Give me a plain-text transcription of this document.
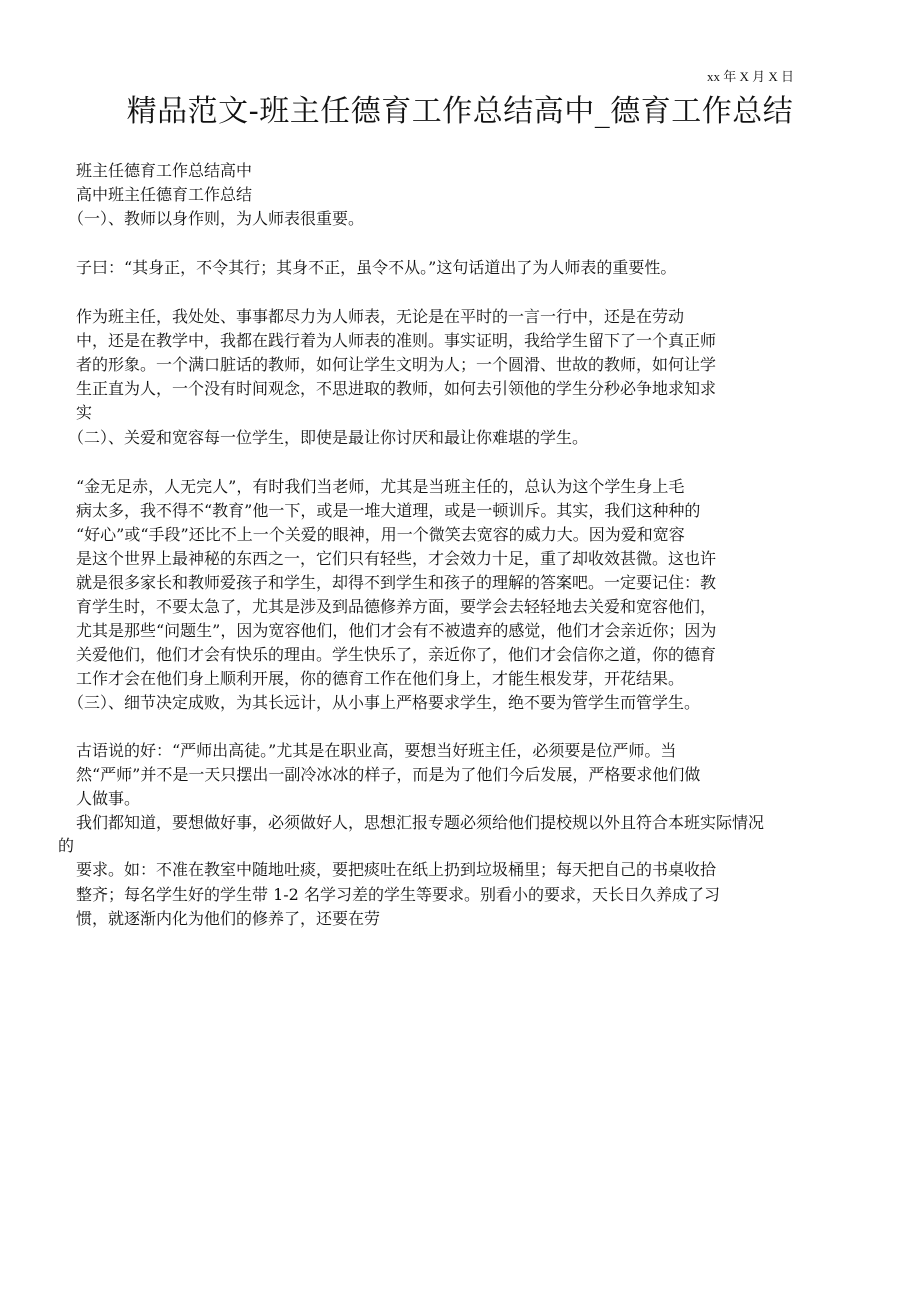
xx 年 X 月 X 日
精品范文-班主任德育工作总结高中_德育工作总结
班主任德育工作总结高中
高中班主任德育工作总结
（一）、教师以身作则，为人师表很重要。
子曰：“其身正，不令其行；其身不正，虽令不从。”这句话道出了为人师表的重要性。
作为班主任，我处处、事事都尽力为人师表，无论是在平时的一言一行中，还是在劳动
中，还是在教学中，我都在践行着为人师表的准则。事实证明，我给学生留下了一个真正师
者的形象。一个满口脏话的教师，如何让学生文明为人；一个圆滑、世故的教师，如何让学
生正直为人，一个没有时间观念，不思进取的教师，如何去引领他的学生分秒必争地求知求
实
（二）、关爱和宽容每一位学生，即使是最让你讨厌和最让你难堪的学生。
“金无足赤，人无完人”，有时我们当老师，尤其是当班主任的，总认为这个学生身上毛
病太多，我不得不“教育”他一下，或是一堆大道理，或是一顿训斥。其实，我们这种种的
“好心”或“手段”还比不上一个关爱的眼神，用一个微笑去宽容的威力大。因为爱和宽容
是这个世界上最神秘的东西之一，它们只有轻些，才会效力十足，重了却收效甚微。这也许
就是很多家长和教师爱孩子和学生，却得不到学生和孩子的理解的答案吧。一定要记住：教
育学生时，不要太急了，尤其是涉及到品德修养方面，要学会去轻轻地去关爱和宽容他们，
尤其是那些“问题生”，因为宽容他们，他们才会有不被遗弃的感觉，他们才会亲近你；因为
关爱他们，他们才会有快乐的理由。学生快乐了，亲近你了，他们才会信你之道，你的德育
工作才会在他们身上顺利开展，你的德育工作在他们身上，才能生根发芽，开花结果。
（三）、细节决定成败，为其长远计，从小事上严格要求学生，绝不要为管学生而管学生。
古语说的好：“严师出高徒。”尤其是在职业高，要想当好班主任，必须要是位严师。当
然“严师”并不是一天只摆出一副冷冰冰的样子，而是为了他们今后发展，严格要求他们做
人做事。
我们都知道，要想做好事，必须做好人，思想汇报专题必须给他们提校规以外且符合本班实际情况
的
要求。如：不准在教室中随地吐痰，要把痰吐在纸上扔到垃圾桶里；每天把自己的书桌收拾
整齐；每名学生好的学生带 1-2 名学习差的学生等要求。别看小的要求，天长日久养成了习
惯，就逐渐内化为他们的修养了，还要在劳
